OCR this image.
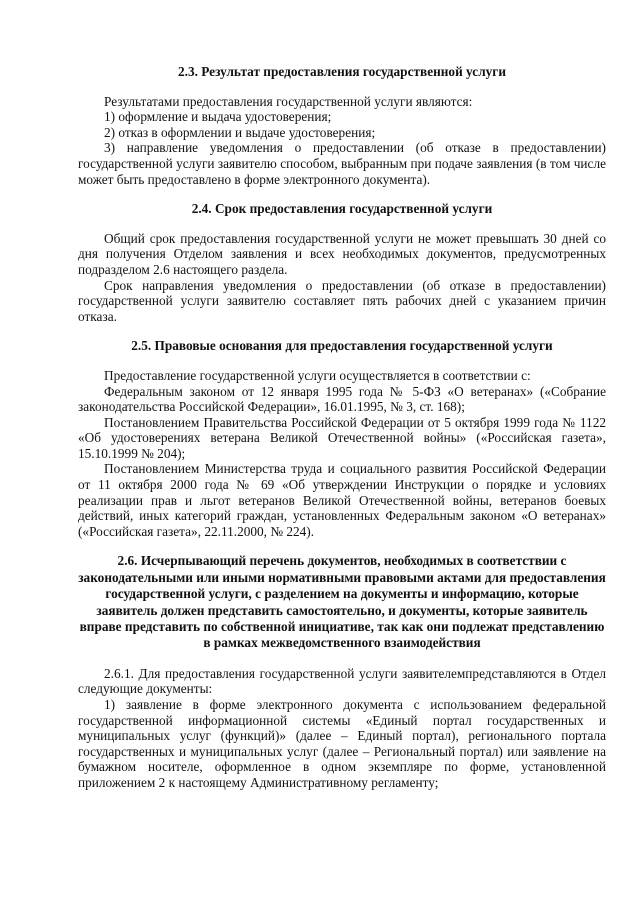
2.3. Результат предоставления государственной услуги

Результатами предоставления государственной услуги являются:

1) оформление и выдача удостоверения;

2) отказ в оформлении и выдаче удостоверения;

3) направление уведомления о предоставлении (об отказе в предоставлении) государственной услуги заявителю способом, выбранным при подаче заявления (в том числе может быть предоставлено в форме электронного документа).

2.4. Срок предоставления государственной услуги

Общий срок предоставления государственной услуги не может превышать 30 дней со дня получения Отделом заявления и всех необходимых документов, предусмотренных подразделом 2.6 настоящего раздела.

Срок направления уведомления о предоставлении (об отказе в предоставлении) государственной услуги заявителю составляет пять рабочих дней с указанием причин отказа.

2.5. Правовые основания для предоставления государственной услуги

Предоставление государственной услуги осуществляется в соответствии с:

Федеральным законом от 12 января 1995 года № 5-ФЗ «О ветеранах» («Собрание законодательства Российской Федерации», 16.01.1995, № 3, ст. 168);

Постановлением Правительства Российской Федерации от 5 октября 1999 года № 1122 «Об удостоверениях ветерана Великой Отечественной войны» («Российская газета», 15.10.1999 № 204);

Постановлением Министерства труда и социального развития Российской Федерации от 11 октября 2000 года № 69 «Об утверждении Инструкции о порядке и условиях реализации прав и льгот ветеранов Великой Отечественной войны, ветеранов боевых действий, иных категорий граждан, установленных Федеральным законом «О ветеранах» («Российская газета», 22.11.2000, № 224).

2.6. Исчерпывающий перечень документов, необходимых в соответствии с законодательными или иными нормативными правовыми актами для предоставления государственной услуги, с разделением на документы и информацию, которые заявитель должен представить самостоятельно, и документы, которые заявитель вправе представить по собственной инициативе, так как они подлежат представлению в рамках межведомственного взаимодействия

2.6.1. Для предоставления государственной услуги заявителемпредставляются в Отдел следующие документы:

1) заявление в форме электронного документа с использованием федеральной государственной информационной системы «Единый портал государственных и муниципальных услуг (функций)» (далее – Единый портал), регионального портала государственных и муниципальных услуг (далее – Региональный портал) или заявление на бумажном носителе, оформленное в одном экземпляре по форме, установленной приложением 2 к настоящему Административному регламенту;
